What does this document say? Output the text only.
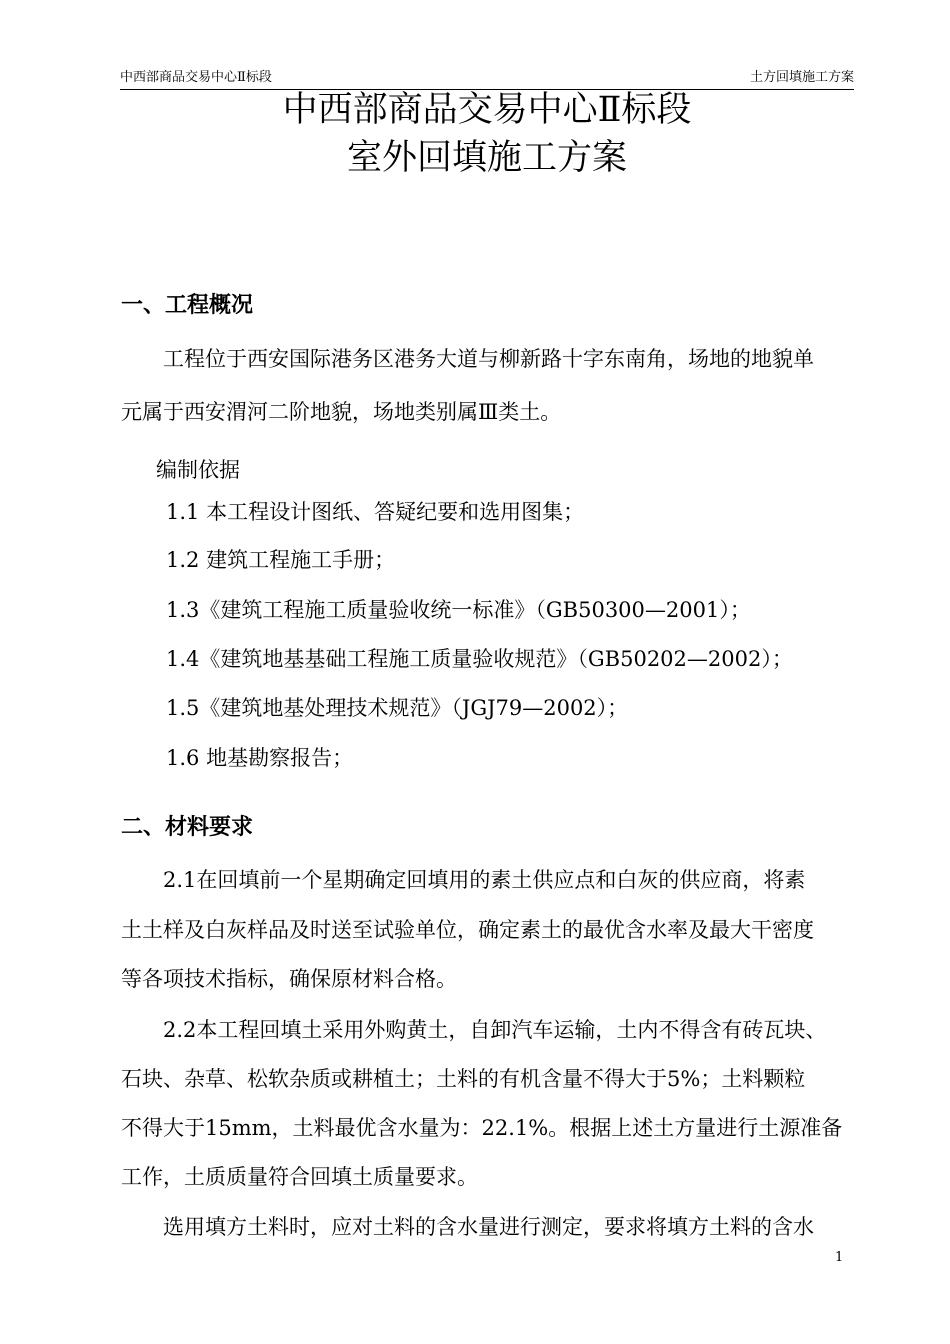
中西部商品交易中心Ⅱ标段	土方回填施工方案
中西部商品交易中心Ⅱ标段
室外回填施工方案
一、工程概况
　　工程位于西安国际港务区港务大道与柳新路十字东南角，场地的地貌单
元属于西安渭河二阶地貌，场地类别属Ⅲ类土。
编制依据
1.1 本工程设计图纸、答疑纪要和选用图集；
1.2 建筑工程施工手册；
1.3《建筑工程施工质量验收统一标准》（GB50300—2001）；
1.4《建筑地基基础工程施工质量验收规范》（GB50202—2002）；
1.5《建筑地基处理技术规范》（JGJ79—2002）；
1.6 地基勘察报告；
二、材料要求
　　2.1在回填前一个星期确定回填用的素土供应点和白灰的供应商，将素
土土样及白灰样品及时送至试验单位，确定素土的最优含水率及最大干密度
等各项技术指标，确保原材料合格。
　　2.2本工程回填土采用外购黄土，自卸汽车运输，土内不得含有砖瓦块、
石块、杂草、松软杂质或耕植土；土料的有机含量不得大于5%；土料颗粒
不得大于15mm，土料最优含水量为：22.1%。根据上述土方量进行土源准备
工作，土质质量符合回填土质量要求。
　　选用填方土料时，应对土料的含水量进行测定，要求将填方土料的含水
1
